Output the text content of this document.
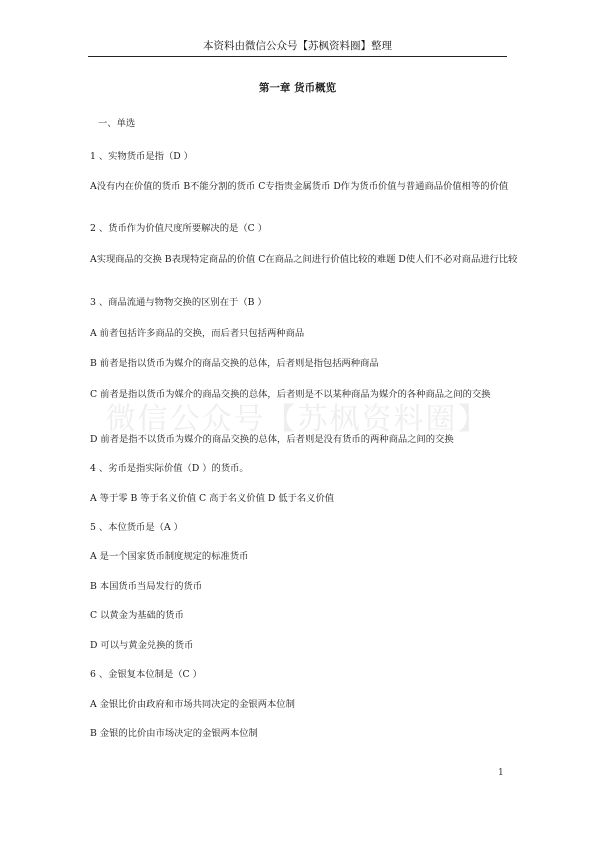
本资料由微信公众号【苏枫资料圈】整理
微信公众号【苏枫资料圈】
第一章 货币概览
一、单选
1 、实物货币是指（D ）
A没有内在价值的货币 B不能分割的货币 C专指贵金属货币 D作为货币价值与普通商品价值相等的价值
2 、货币作为价值尺度所要解决的是（C ）
A实现商品的交换 B表现特定商品的价值 C在商品之间进行价值比较的难题 D使人们不必对商品进行比较
3 、商品流通与物物交换的区别在于（B ）
A 前者包括许多商品的交换，而后者只包括两种商品
B 前者是指以货币为媒介的商品交换的总体，后者则是指包括两种商品
C 前者是指以货币为媒介的商品交换的总体，后者则是不以某种商品为媒介的各种商品之间的交换
D 前者是指不以货币为媒介的商品交换的总体，后者则是没有货币的两种商品之间的交换
4 、劣币是指实际价值（D ）的货币。
A 等于零 B 等于名义价值 C 高于名义价值 D 低于名义价值
5 、本位货币是（A ）
A 是一个国家货币制度规定的标准货币
B 本国货币当局发行的货币
C 以黄金为基础的货币
D 可以与黄金兑换的货币
6 、金银复本位制是（C ）
A 金银比价由政府和市场共同决定的金银两本位制
B 金银的比价由市场决定的金银两本位制
1
